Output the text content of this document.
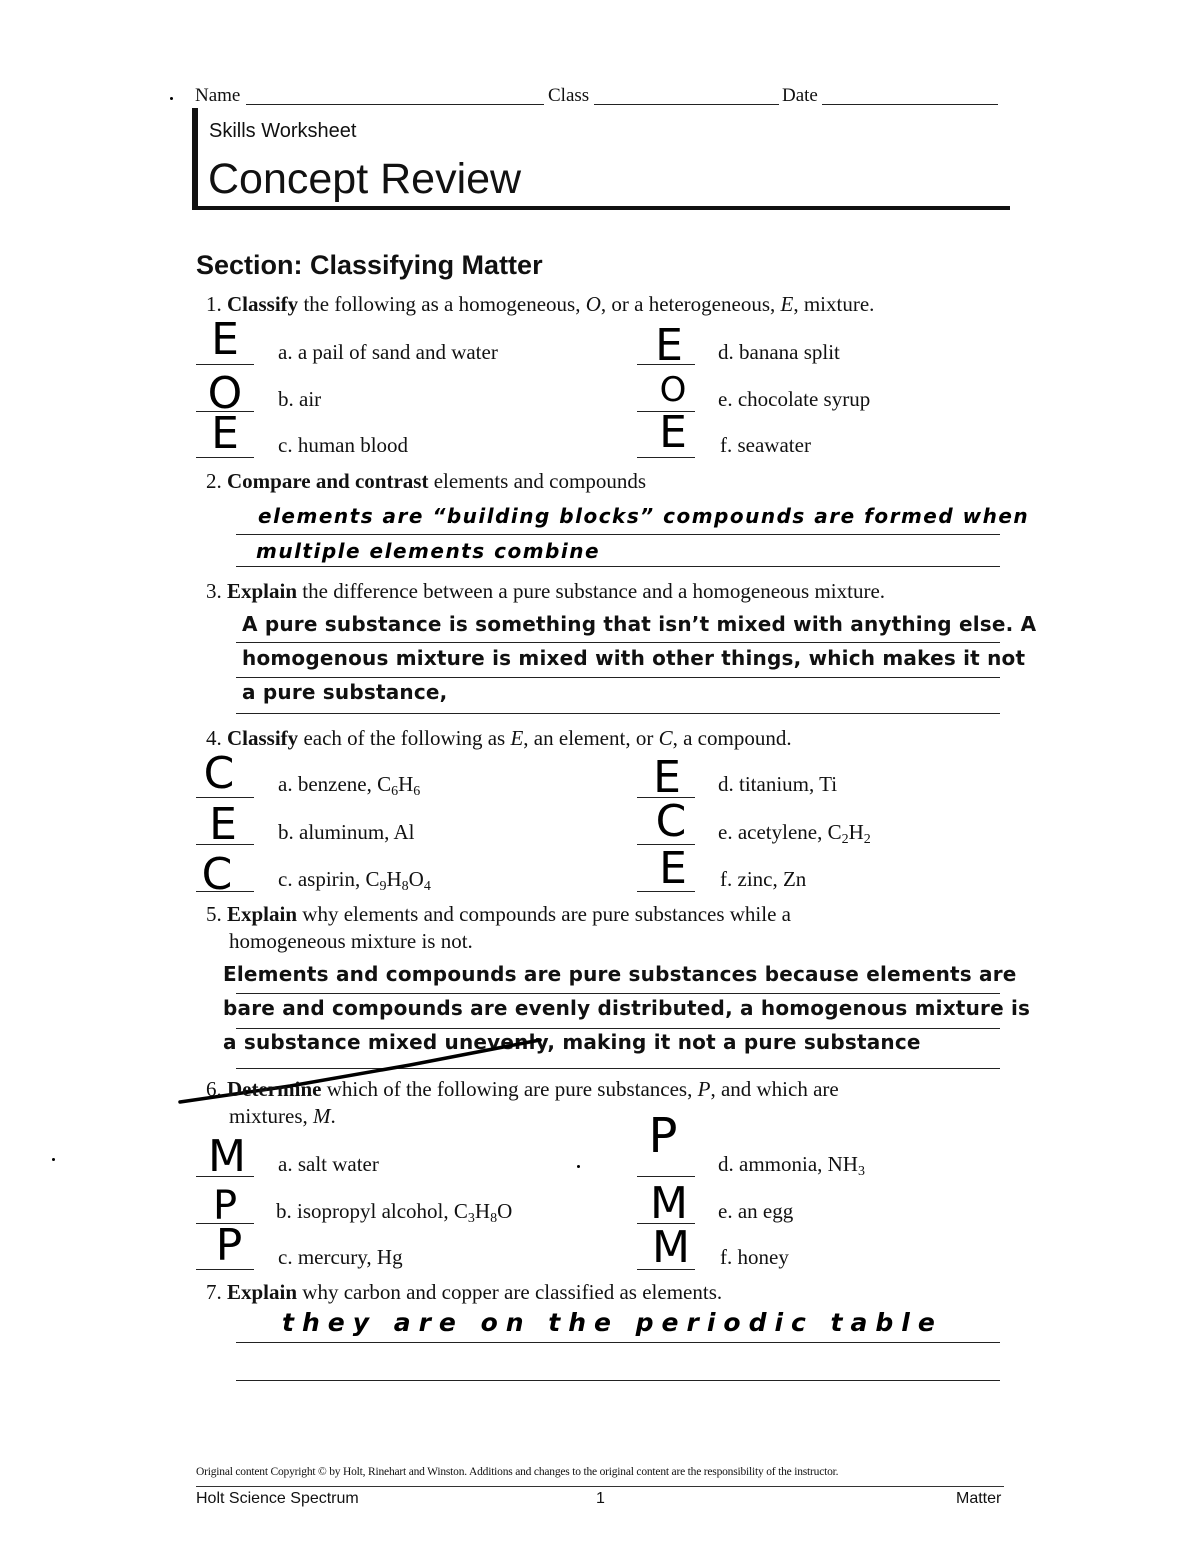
Name	Class	Date
Skills Worksheet
Concept Review
Section: Classifying Matter
1. Classify the following as a homogeneous, O, or a heterogeneous, E, mixture.
E	a. a pail of sand and water
O	b. air
E	c. human blood
E	d. banana split
O	e. chocolate syrup
E	f. seawater
2. Compare and contrast elements and compounds
elements are “building blocks” compounds are formed when
multiple elements combine
3. Explain the difference between a pure substance and a homogeneous mixture.
A pure substance is something that isn’t mixed with anything else. A
homogenous mixture is mixed with other things, which makes it not
a pure substance,
4. Classify each of the following as E, an element, or C, a compound.
C	a. benzene, $C_6H_6$
E	b. aluminum, Al
C	c. aspirin, $C_9H_8O_4$
E	d. titanium, Ti
C	e. acetylene, $C_2H_2$
E	f. zinc, Zn
5. Explain why elements and compounds are pure substances while a
homogeneous mixture is not.
Elements and compounds are pure substances because elements are
bare and compounds are evenly distributed, a homogenous mixture is
a substance mixed unevenly, making it not a pure substance
6. Determine which of the following are pure substances, P, and which are
mixtures, M.
M	a. salt water
P	b. isopropyl alcohol, $C_3H_8O$
P	c. mercury, Hg
P	d. ammonia, $NH_3$
M	e. an egg
M	f. honey
7. Explain why carbon and copper are classified as elements.
they are on the periodic table
Original content Copyright © by Holt, Rinehart and Winston. Additions and changes to the original content are the responsibility of the instructor.
Holt Science Spectrum	1	Matter
